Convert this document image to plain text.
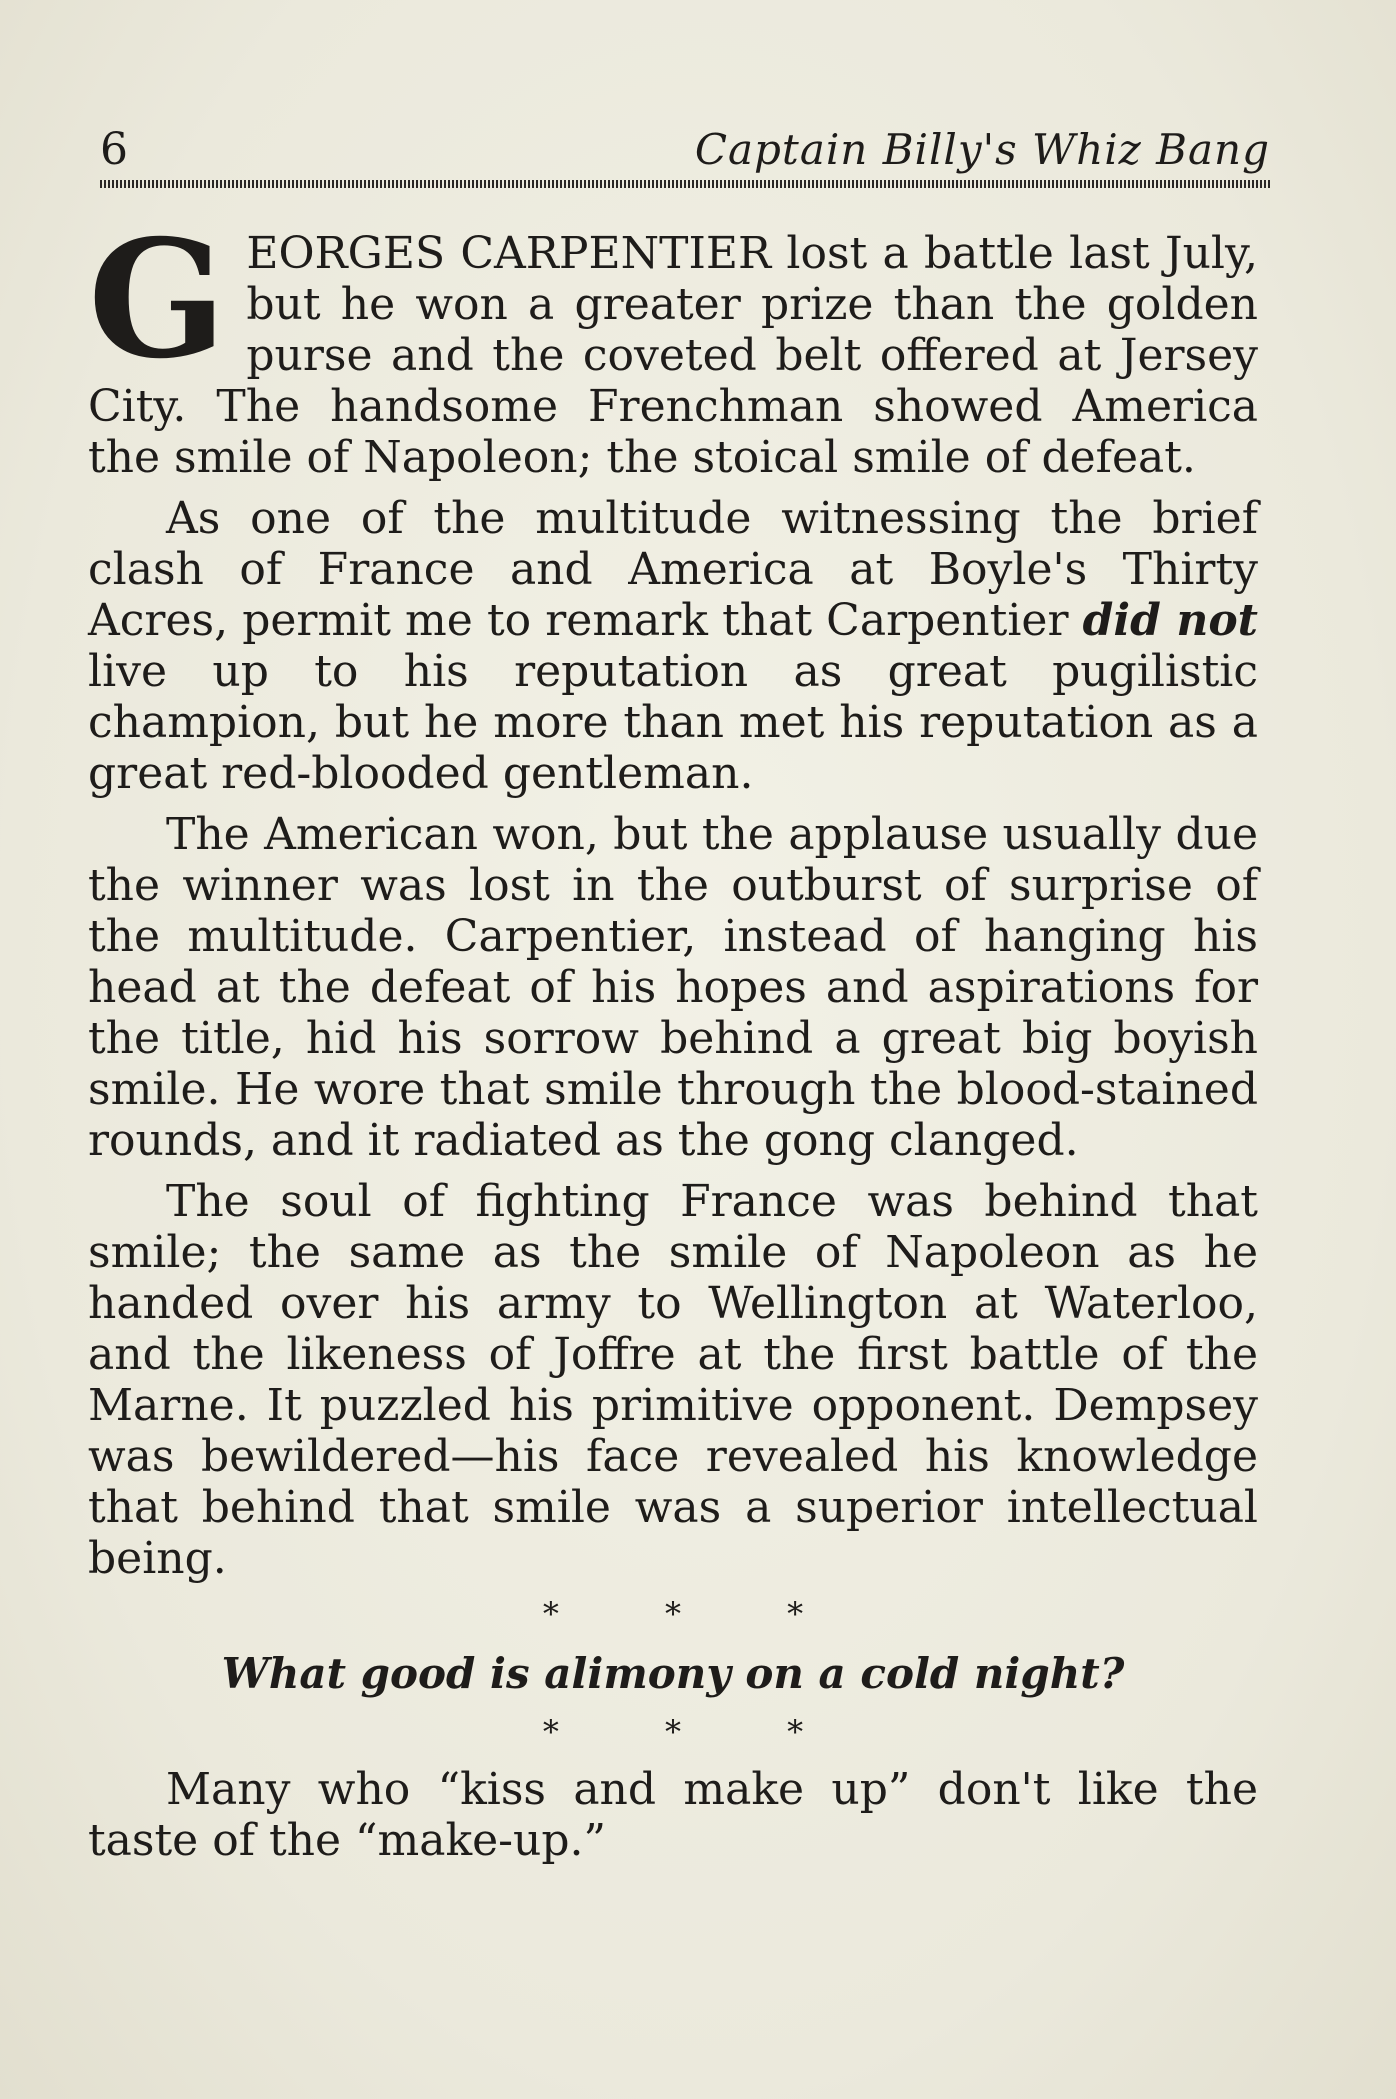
6	Captain Billy's Whiz Bang

GEORGES CARPENTIER lost a battle last July, but he won a greater prize than the golden purse and the coveted belt offered at Jersey City. The handsome Frenchman showed America the smile of Napoleon; the stoical smile of defeat.

As one of the multitude witnessing the brief clash of France and America at Boyle's Thirty Acres, permit me to remark that Carpentier did not live up to his reputation as great pugilistic champion, but he more than met his reputation as a great red-blooded gentleman.

The American won, but the applause usually due the winner was lost in the outburst of surprise of the multitude. Carpentier, instead of hanging his head at the defeat of his hopes and aspirations for the title, hid his sorrow behind a great big boyish smile. He wore that smile through the blood-stained rounds, and it radiated as the gong clanged.

The soul of fighting France was behind that smile; the same as the smile of Napoleon as he handed over his army to Wellington at Waterloo, and the likeness of Joffre at the first battle of the Marne. It puzzled his primitive opponent. Dempsey was bewildered—his face revealed his knowledge that behind that smile was a superior intellectual being.

* * *

What good is alimony on a cold night?

* * *

Many who “kiss and make up” don't like the taste of the “make-up.”
